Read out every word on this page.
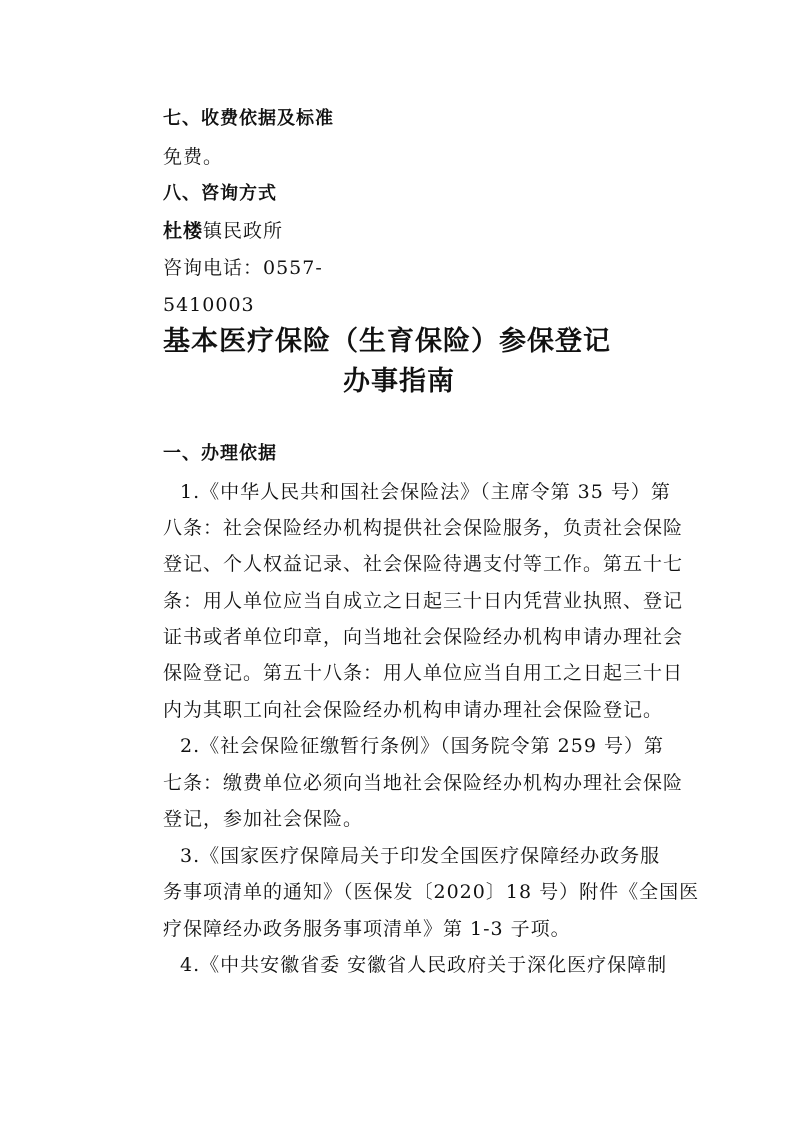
七、收费依据及标准
免费。
八、咨询方式
杜楼镇民政所
咨询电话：0557-
5410003
基本医疗保险（生育保险）参保登记
办事指南
一、办理依据
1.《中华人民共和国社会保险法》（主席令第 35 号）第
八条：社会保险经办机构提供社会保险服务，负责社会保险
登记、个人权益记录、社会保险待遇支付等工作。第五十七
条：用人单位应当自成立之日起三十日内凭营业执照、登记
证书或者单位印章，向当地社会保险经办机构申请办理社会
保险登记。第五十八条：用人单位应当自用工之日起三十日
内为其职工向社会保险经办机构申请办理社会保险登记。
2.《社会保险征缴暂行条例》（国务院令第 259 号）第
七条：缴费单位必须向当地社会保险经办机构办理社会保险
登记，参加社会保险。
3.《国家医疗保障局关于印发全国医疗保障经办政务服
务事项清单的通知》（医保发〔2020〕18 号）附件《全国医
疗保障经办政务服务事项清单》第 1-3 子项。
4.《中共安徽省委 安徽省人民政府关于深化医疗保障制
